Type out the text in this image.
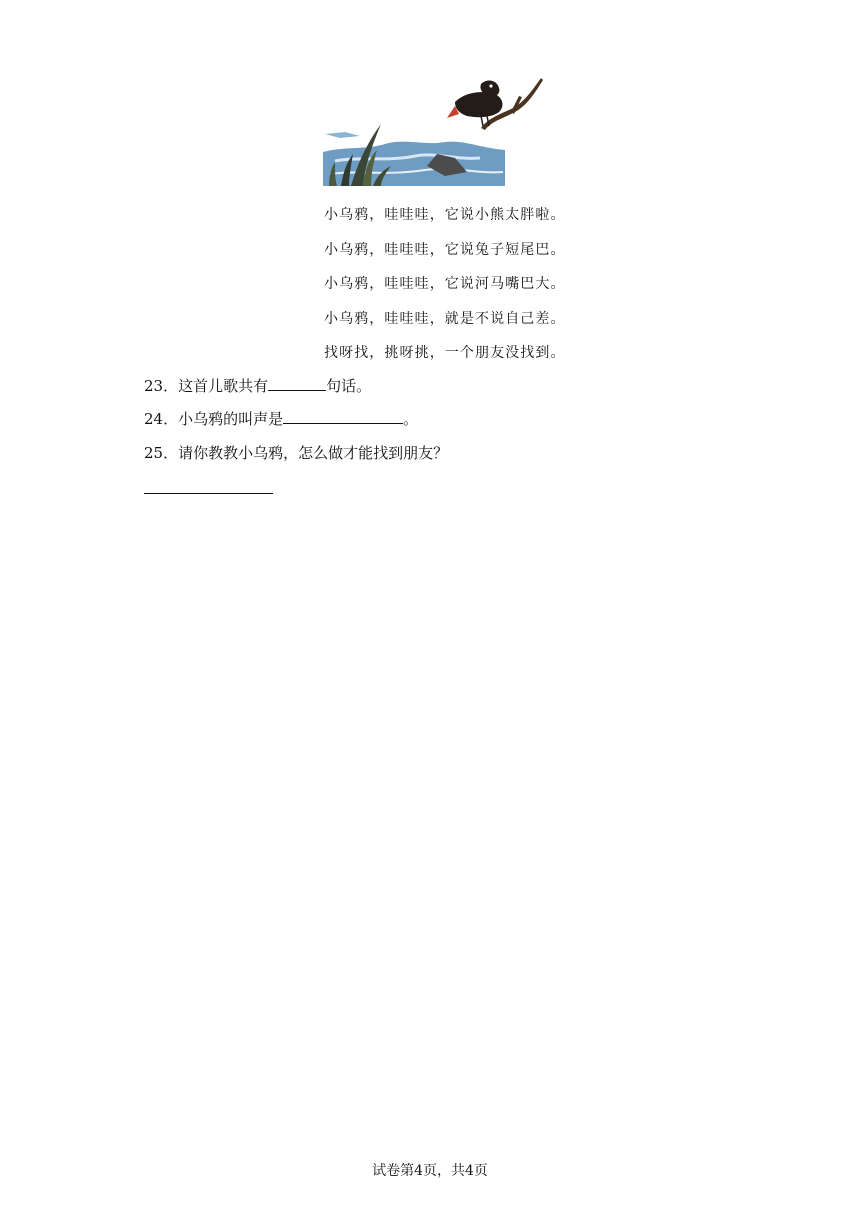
小乌鸦，哇哇哇，它说小熊太胖啦。
小乌鸦，哇哇哇，它说兔子短尾巴。
小乌鸦，哇哇哇，它说河马嘴巴大。
小乌鸦，哇哇哇，就是不说自己差。
找呀找，挑呀挑，一个朋友没找到。
23．这首儿歌共有	句话。
24．小乌鸦的叫声是	。
25．请你教教小乌鸦，怎么做才能找到朋友？
试卷第4页，共4页
